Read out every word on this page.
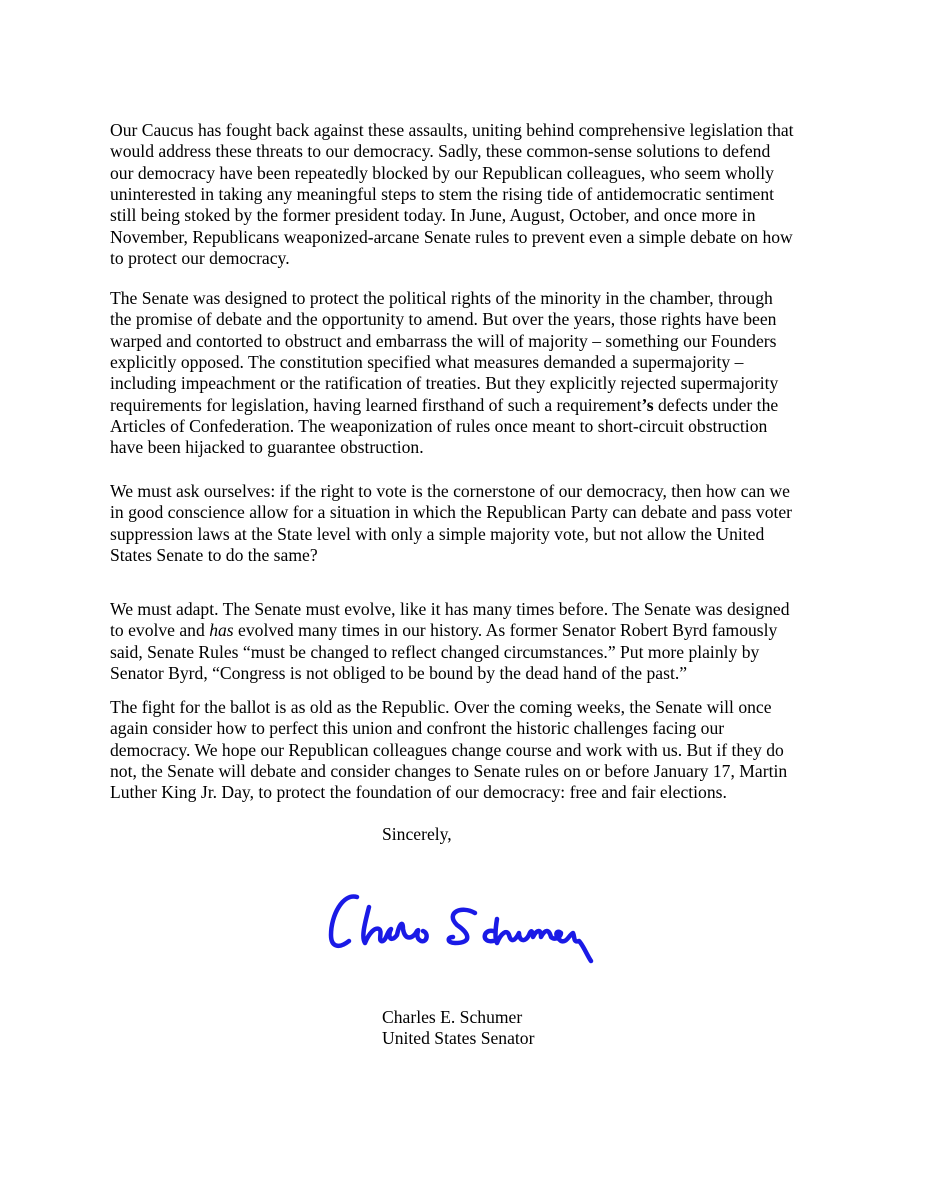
Our Caucus has fought back against these assaults, uniting behind comprehensive legislation that
would address these threats to our democracy. Sadly, these common-sense solutions to defend
our democracy have been repeatedly blocked by our Republican colleagues, who seem wholly
uninterested in taking any meaningful steps to stem the rising tide of antidemocratic sentiment
still being stoked by the former president today. In June, August, October, and once more in
November, Republicans weaponized-arcane Senate rules to prevent even a simple debate on how
to protect our democracy.
The Senate was designed to protect the political rights of the minority in the chamber, through
the promise of debate and the opportunity to amend. But over the years, those rights have been
warped and contorted to obstruct and embarrass the will of majority – something our Founders
explicitly opposed. The constitution specified what measures demanded a supermajority –
including impeachment or the ratification of treaties. But they explicitly rejected supermajority
requirements for legislation, having learned firsthand of such a requirement’s defects under the
Articles of Confederation. The weaponization of rules once meant to short-circuit obstruction
have been hijacked to guarantee obstruction.
We must ask ourselves: if the right to vote is the cornerstone of our democracy, then how can we
in good conscience allow for a situation in which the Republican Party can debate and pass voter
suppression laws at the State level with only a simple majority vote, but not allow the United
States Senate to do the same?
We must adapt. The Senate must evolve, like it has many times before. The Senate was designed
to evolve and has evolved many times in our history. As former Senator Robert Byrd famously
said, Senate Rules “must be changed to reflect changed circumstances.” Put more plainly by
Senator Byrd, “Congress is not obliged to be bound by the dead hand of the past.”
The fight for the ballot is as old as the Republic. Over the coming weeks, the Senate will once
again consider how to perfect this union and confront the historic challenges facing our
democracy. We hope our Republican colleagues change course and work with us. But if they do
not, the Senate will debate and consider changes to Senate rules on or before January 17, Martin
Luther King Jr. Day, to protect the foundation of our democracy: free and fair elections.
Sincerely,
Charles E. Schumer
United States Senator
